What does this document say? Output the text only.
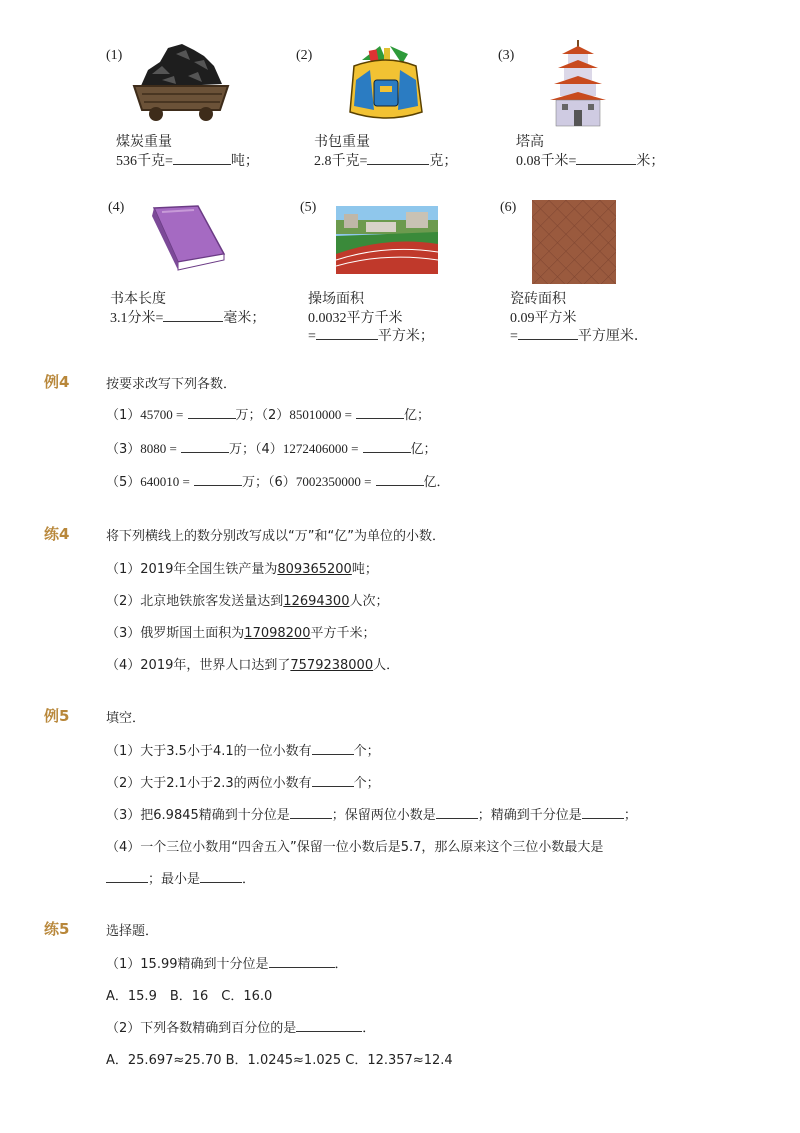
(1)
煤炭重量
536千克=	吨；
(2)
书包重量
2.8千克=	克；
(3)
塔高
0.08千米=	米；
(4)
书本长度
3.1分米=	毫米；
(5)
操场面积
0.0032平方千米
=	平方米；
(6)
瓷砖面积
0.09平方米
=	平方厘米.
例4	按要求改写下列各数．
（1）45700 =	万；（2）85010000 =	亿；
（3）8080 =	万；（4）1272406000 =	亿；
（5）640010 =	万；（6）7002350000 =	亿．
练4	将下列横线上的数分别改写成以“万”和“亿”为单位的小数．
（1）2019年全国生铁产量为809365200吨；
（2）北京地铁旅客发送量达到12694300人次；
（3）俄罗斯国土面积为17098200平方千米；
（4）2019年，世界人口达到了7579238000人．
例5	填空．
（1）大于3.5小于4.1的一位小数有	个；
（2）大于2.1小于2.3的两位小数有	个；
（3）把6.9845精确到十分位是	；保留两位小数是	；精确到千分位是	；
（4）一个三位小数用“四舍五入”保留一位小数后是5.7，那么原来这个三位小数最大是
；最小是	．
练5	选择题．
（1）15.99精确到十分位是	．
A．15.9　B．16　C．16.0
（2）下列各数精确到百分位的是	．
A．25.697≈25.70 B．1.0245≈1.025 C．12.357≈12.4
